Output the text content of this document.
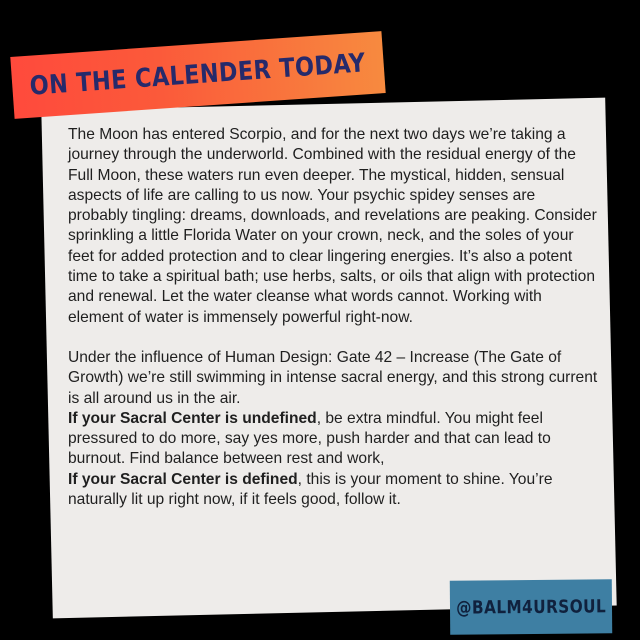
ON THE CALENDER TODAY

The Moon has entered Scorpio, and for the next two days we’re taking a journey through the underworld. Combined with the residual energy of the Full Moon, these waters run even deeper. The mystical, hidden, sensual aspects of life are calling to us now. Your psychic spidey senses are probably tingling: dreams, downloads, and revelations are peaking. Consider sprinkling a little Florida Water on your crown, neck, and the soles of your feet for added protection and to clear lingering energies. It’s also a potent time to take a spiritual bath; use herbs, salts, or oils that align with protection and renewal. Let the water cleanse what words cannot. Working with element of water is immensely powerful right-now.

Under the influence of Human Design: Gate 42 – Increase (The Gate of Growth) we’re still swimming in intense sacral energy, and this strong current is all around us in the air.

If your Sacral Center is undefined, be extra mindful. You might feel pressured to do more, say yes more, push harder and that can lead to burnout. Find balance between rest and work,

If your Sacral Center is defined, this is your moment to shine. You’re naturally lit up right now, if it feels good, follow it.

@BALM4URSOUL
